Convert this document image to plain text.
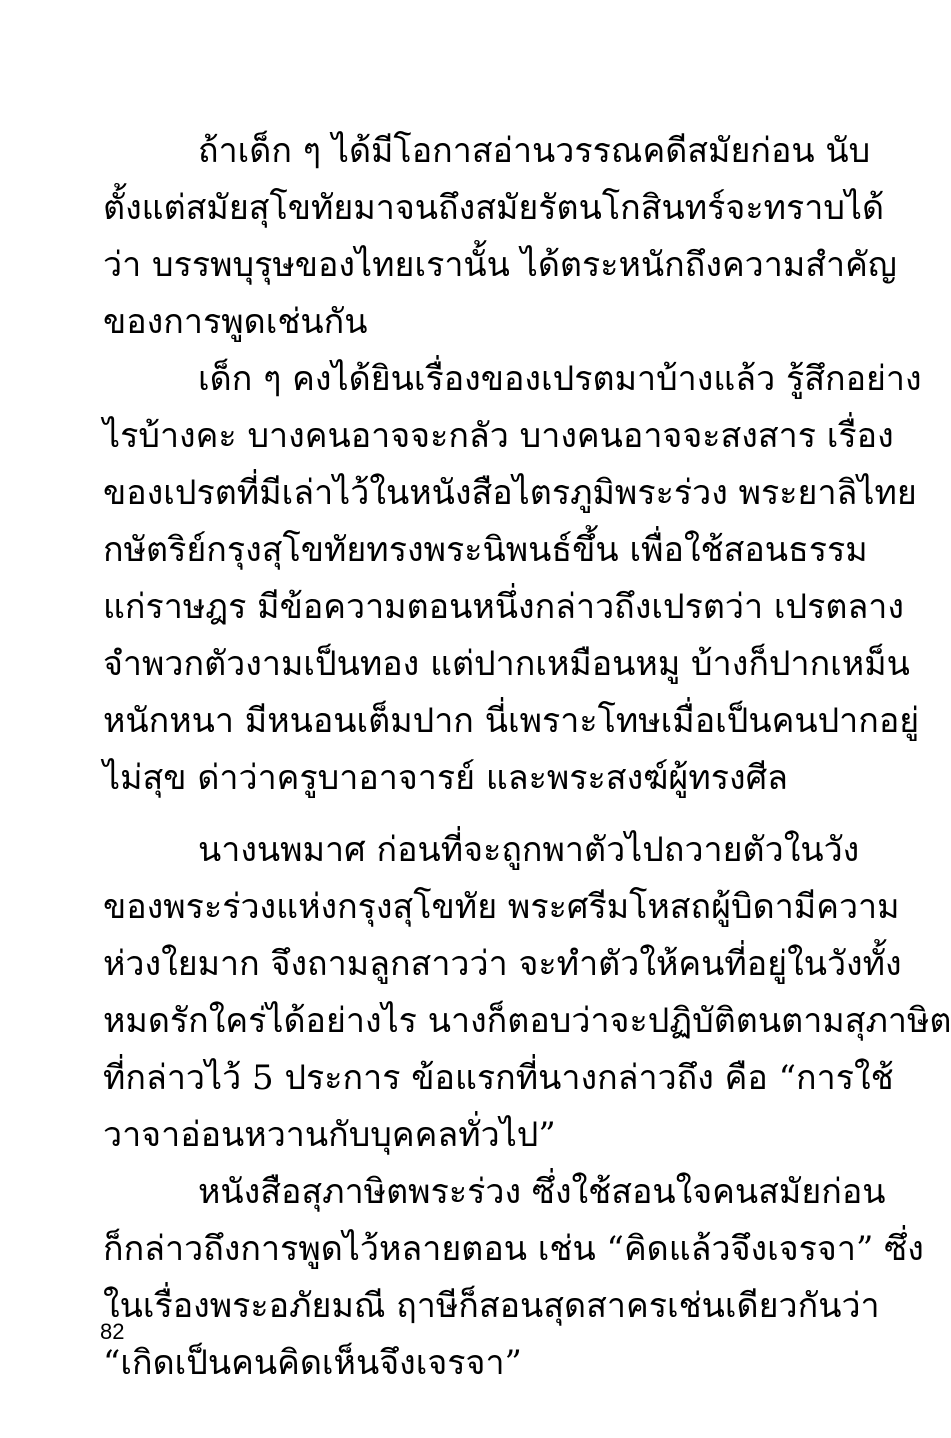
ถ้าเด็ก ๆ ได้มีโอกาสอ่านวรรณคดีสมัยก่อน นับ
ตั้งแต่สมัยสุโขทัยมาจนถึงสมัยรัตนโกสินทร์จะทราบได้
ว่า บรรพบุรุษของไทยเรานั้น ได้ตระหนักถึงความสำคัญ
ของการพูดเช่นกัน
เด็ก ๆ คงได้ยินเรื่องของเปรตมาบ้างแล้ว รู้สึกอย่าง
ไรบ้างคะ บางคนอาจจะกลัว บางคนอาจจะสงสาร เรื่อง
ของเปรตที่มีเล่าไว้ในหนังสือไตรภูมิพระร่วง พระยาลิไทย
กษัตริย์กรุงสุโขทัยทรงพระนิพนธ์ขึ้น เพื่อใช้สอนธรรม
แก่ราษฎร มีข้อความตอนหนึ่งกล่าวถึงเปรตว่า เปรตลาง
จำพวกตัวงามเป็นทอง แต่ปากเหมือนหมู บ้างก็ปากเหม็น
หนักหนา มีหนอนเต็มปาก นี่เพราะโทษเมื่อเป็นคนปากอยู่
ไม่สุข ด่าว่าครูบาอาจารย์ และพระสงฆ์ผู้ทรงศีล
นางนพมาศ ก่อนที่จะถูกพาตัวไปถวายตัวในวัง
ของพระร่วงแห่งกรุงสุโขทัย พระศรีมโหสถผู้บิดามีความ
ห่วงใยมาก จึงถามลูกสาวว่า จะทำตัวให้คนที่อยู่ในวังทั้ง
หมดรักใคร่ได้อย่างไร นางก็ตอบว่าจะปฏิบัติตนตามสุภาษิต
ที่กล่าวไว้ 5 ประการ ข้อแรกที่นางกล่าวถึง คือ “การใช้
วาจาอ่อนหวานกับบุคคลทั่วไป”
หนังสือสุภาษิตพระร่วง ซึ่งใช้สอนใจคนสมัยก่อน
ก็กล่าวถึงการพูดไว้หลายตอน เช่น “คิดแล้วจึงเจรจา” ซึ่ง
ในเรื่องพระอภัยมณี ฤาษีก็สอนสุดสาครเช่นเดียวกันว่า
“เกิดเป็นคนคิดเห็นจึงเจรจา”
82
